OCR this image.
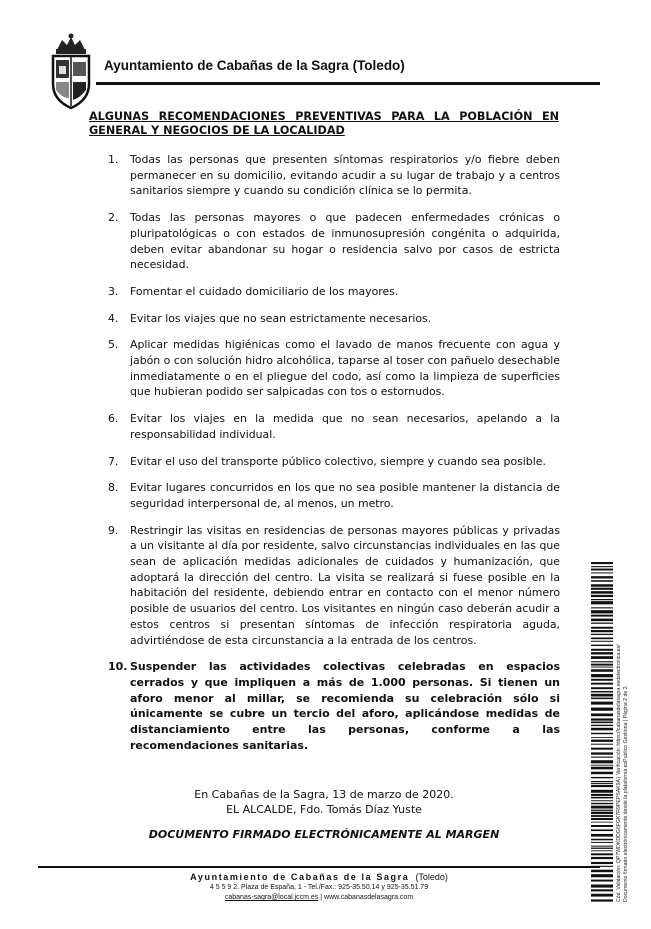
Ayuntamiento de Cabañas de la Sagra (Toledo)
ALGUNAS RECOMENDACIONES PREVENTIVAS PARA LA POBLACIÓN EN
GENERAL Y NEGOCIOS DE LA LOCALIDAD
1. Todas las personas que presenten síntomas respiratorios y/o fiebre deben permanecer en su domicilio, evitando acudir a su lugar de trabajo y a centros sanitarios siempre y cuando su condición clínica se lo permita.
2. Todas las personas mayores o que padecen enfermedades crónicas o pluripatológicas o con estados de inmunosupresión congénita o adquirida, deben evitar abandonar su hogar o residencia salvo por casos de estricta necesidad.
3. Fomentar el cuidado domiciliario de los mayores.
4. Evitar los viajes que no sean estrictamente necesarios.
5. Aplicar medidas higiénicas como el lavado de manos frecuente con agua y jabón o con solución hidro alcohólica, taparse al toser con pañuelo desechable inmediatamente o en el pliegue del codo, así como la limpieza de superficies que hubieran podido ser salpicadas con tos o estornudos.
6. Evitar los viajes en la medida que no sean necesarios, apelando a la responsabilidad individual.
7. Evitar el uso del transporte público colectivo, siempre y cuando sea posible.
8. Evitar lugares concurridos en los que no sea posible mantener la distancia de seguridad interpersonal de, al menos, un metro.
9. Restringir las visitas en residencias de personas mayores públicas y privadas a un visitante al día por residente, salvo circunstancias individuales en las que sean de aplicación medidas adicionales de cuidados y humanización, que adoptará la dirección del centro. La visita se realizará si fuese posible en la habitación del residente, debiendo entrar en contacto con el menor número posible de usuarios del centro. Los visitantes en ningún caso deberán acudir a estos centros si presentan síntomas de infección respiratoria aguda, advirtiéndose de esta circunstancia a la entrada de los centros.
10. Suspender las actividades colectivas celebradas en espacios cerrados y que impliquen a más de 1.000 personas. Si tienen un aforo menor al millar, se recomienda su celebración sólo si únicamente se cubre un tercio del aforo, aplicándose medidas de distanciamiento entre las personas, conforme a las recomendaciones sanitarias.
En Cabañas de la Sagra, 13 de marzo de 2020.
EL ALCALDE, Fdo. Tomás Díaz Yuste
DOCUMENTO FIRMADO ELECTRÓNICAMENTE AL MARGEN
Ayuntamiento de Cabañas de la Sagra (Toledo)
4 5 5 9 2. Plaza de España, 1 - Tel./Fax.: 925-35.50.14 y 925-35.51.79
cabanas-sagra@local.jccm.es | www.cabanasdelasagra.com	Cód. Validación: QP7WDKDDG6FGK7R9PEPSAK9A | Verificación: https://cabanasdelasagra.sedelectronica.es/ Documento firmado electrónicamente desde la plataforma esPublico Gestiona | Página 2 de 2
